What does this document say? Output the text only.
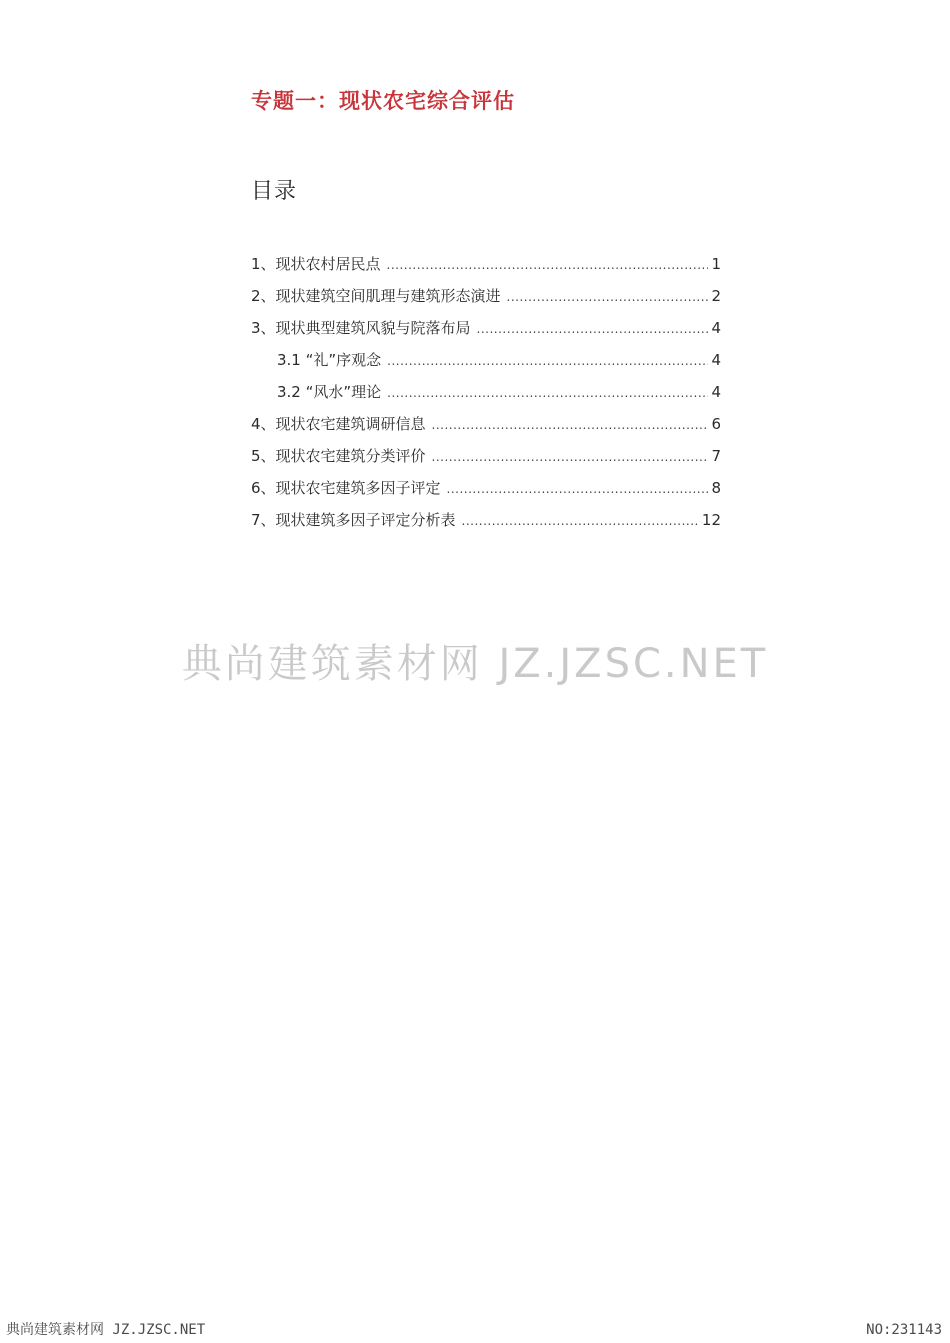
专题一：现状农宅综合评估
目录
1、现状农村居民点 .....	1
2、现状建筑空间肌理与建筑形态演进 .....	2
3、现状典型建筑风貌与院落布局 .....	4
3.1 “礼”序观念 .....	4
3.2 “风水”理论 .....	4
4、现状农宅建筑调研信息 .....	6
5、现状农宅建筑分类评价 .....	7
6、现状农宅建筑多因子评定 .....	8
7、现状建筑多因子评定分析表 .....	12
典尚建筑素材网 JZ.JZSC.NET
典尚建筑素材网 JZ.JZSC.NET	NO:231143
